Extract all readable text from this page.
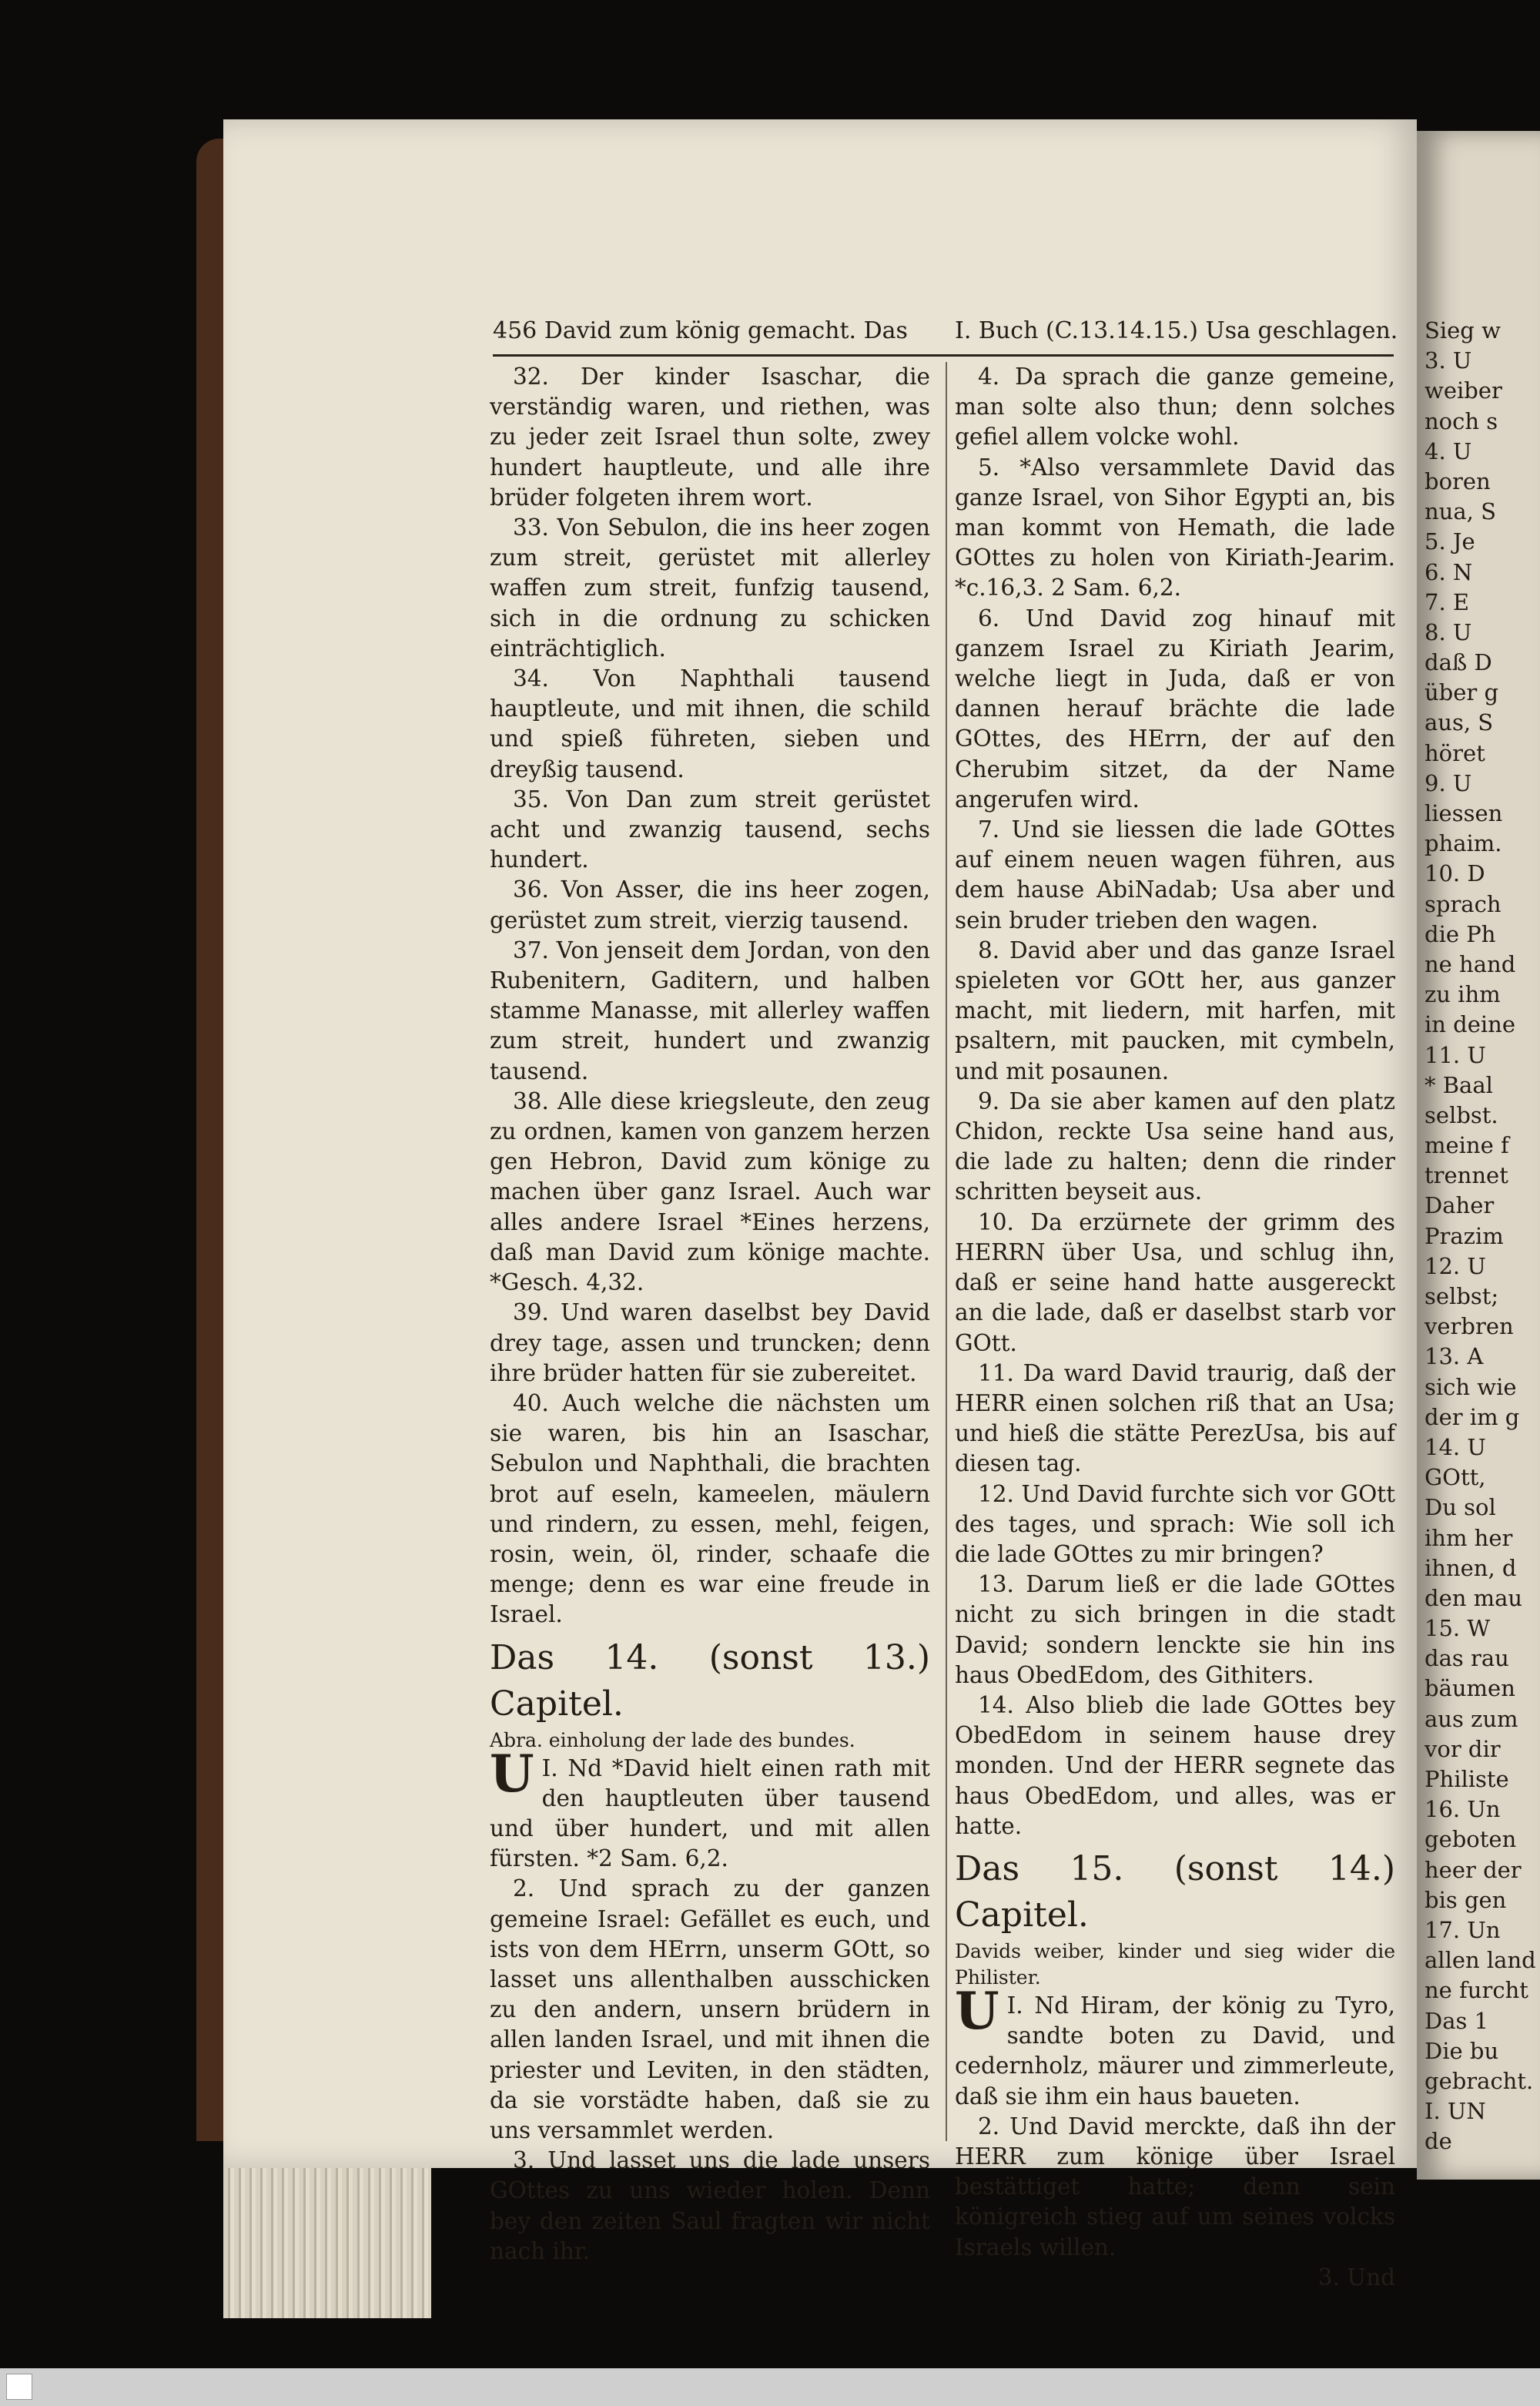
456 David zum könig gemacht. Das I. Buch (C.13.14.15.) Usa geschlagen.

32. Der kinder Isaschar, die verständig waren, und riethen, was zu jeder zeit Israel thun solte, zwey hundert hauptleute, und alle ihre brüder folgeten ihrem wort.

33. Von Sebulon, die ins heer zogen zum streit, gerüstet mit allerley waffen zum streit, funfzig tausend, sich in die ordnung zu schicken einträchtiglich.

34. Von Naphthali tausend hauptleute, und mit ihnen, die schild und spieß führeten, sieben und dreyßig tausend.

35. Von Dan zum streit gerüstet acht und zwanzig tausend, sechs hundert.

36. Von Asser, die ins heer zogen, gerüstet zum streit, vierzig tausend.

37. Von jenseit dem Jordan, von den Rubenitern, Gaditern, und halben stamme Manasse, mit allerley waffen zum streit, hundert und zwanzig tausend.

38. Alle diese kriegsleute, den zeug zu ordnen, kamen von ganzem herzen gen Hebron, David zum könige zu machen über ganz Israel. Auch war alles andere Israel *Eines herzens, daß man David zum könige machte. *Gesch. 4,32.

39. Und waren daselbst bey David drey tage, assen und truncken; denn ihre brüder hatten für sie zubereitet.

40. Auch welche die nächsten um sie waren, bis hin an Isaschar, Sebulon und Naphthali, die brachten brot auf eseln, kameelen, mäulern und rindern, zu essen, mehl, feigen, rosin, wein, öl, rinder, schaafe die menge; denn es war eine freude in Israel.

Das 14. (sonst 13.) Capitel.

Abra. einholung der lade des bundes.

I.
U Nd *David hielt einen rath mit den hauptleuten über tausend und über hundert, und mit allen fürsten. *2 Sam. 6,2.

2. Und sprach zu der ganzen gemeine Israel: Gefället es euch, und ists von dem HErrn, unserm GOtt, so lasset uns allenthalben ausschicken zu den andern, unsern brüdern in allen landen Israel, und mit ihnen die priester und Leviten, in den städten, da sie vorstädte haben, daß sie zu uns versammlet werden.

3. Und lasset uns die lade unsers GOttes zu uns wieder holen. Denn bey den zeiten Saul fragten wir nicht nach ihr.

4. Da sprach die ganze gemeine, man solte also thun; denn solches gefiel allem volcke wohl.

5. *Also versammlete David das ganze Israel, von Sihor Egypti an, bis man kommt von Hemath, die lade GOttes zu holen von Kiriath-Jearim. *c.16,3. 2 Sam. 6,2.

6. Und David zog hinauf mit ganzem Israel zu Kiriath Jearim, welche liegt in Juda, daß er von dannen herauf brächte die lade GOttes, des HErrn, der auf den Cherubim sitzet, da der Name angerufen wird.

7. Und sie liessen die lade GOttes auf einem neuen wagen führen, aus dem hause AbiNadab; Usa aber und sein bruder trieben den wagen.

8. David aber und das ganze Israel spieleten vor GOtt her, aus ganzer macht, mit liedern, mit harfen, mit psaltern, mit paucken, mit cymbeln, und mit posaunen.

9. Da sie aber kamen auf den platz Chidon, reckte Usa seine hand aus, die lade zu halten; denn die rinder schritten beyseit aus.

10. Da erzürnete der grimm des HERRN über Usa, und schlug ihn, daß er seine hand hatte ausgereckt an die lade, daß er daselbst starb vor GOtt.

11. Da ward David traurig, daß der HERR einen solchen riß that an Usa; und hieß die stätte PerezUsa, bis auf diesen tag.

12. Und David furchte sich vor GOtt des tages, und sprach: Wie soll ich die lade GOttes zu mir bringen?

13. Darum ließ er die lade GOttes nicht zu sich bringen in die stadt David; sondern lenckte sie hin ins haus ObedEdom, des Githiters.

14. Also blieb die lade GOttes bey ObedEdom in seinem hause drey monden. Und der HERR segnete das haus ObedEdom, und alles, was er hatte.

Das 15. (sonst 14.) Capitel.

Davids weiber, kinder und sieg wider die Philister.

I.
U Nd Hiram, der könig zu Tyro, sandte boten zu David, und cedernholz, mäurer und zimmerleute, daß sie ihm ein haus baueten.

2. Und David merckte, daß ihn der HERR zum könige über Israel bestättiget hatte; denn sein königreich stieg auf um seines volcks Israels willen.

3. Und

Sieg w
3. U
weiber
noch s
4. U
boren
nua, S
5. Je
6. N
7. E
8. U
daß D
über g
aus, S
höret
9. U
liessen
phaim.
10. D
sprach
die Ph
ne hand
zu ihm
in deine
11. U
* Baal
selbst.
meine f
trennet
Daher
Prazim
12. U
selbst;
verbren
13. A
sich wie
der im g
14. U
GOtt,
Du sol
ihm her
ihnen, d
den mau
15. W
das rau
bäumen
aus zum
vor dir
Philiste
16. Un
geboten
heer der
bis gen
17. Un
allen land
ne furcht
Das 1
Die bu
gebracht.
I. UN
de
